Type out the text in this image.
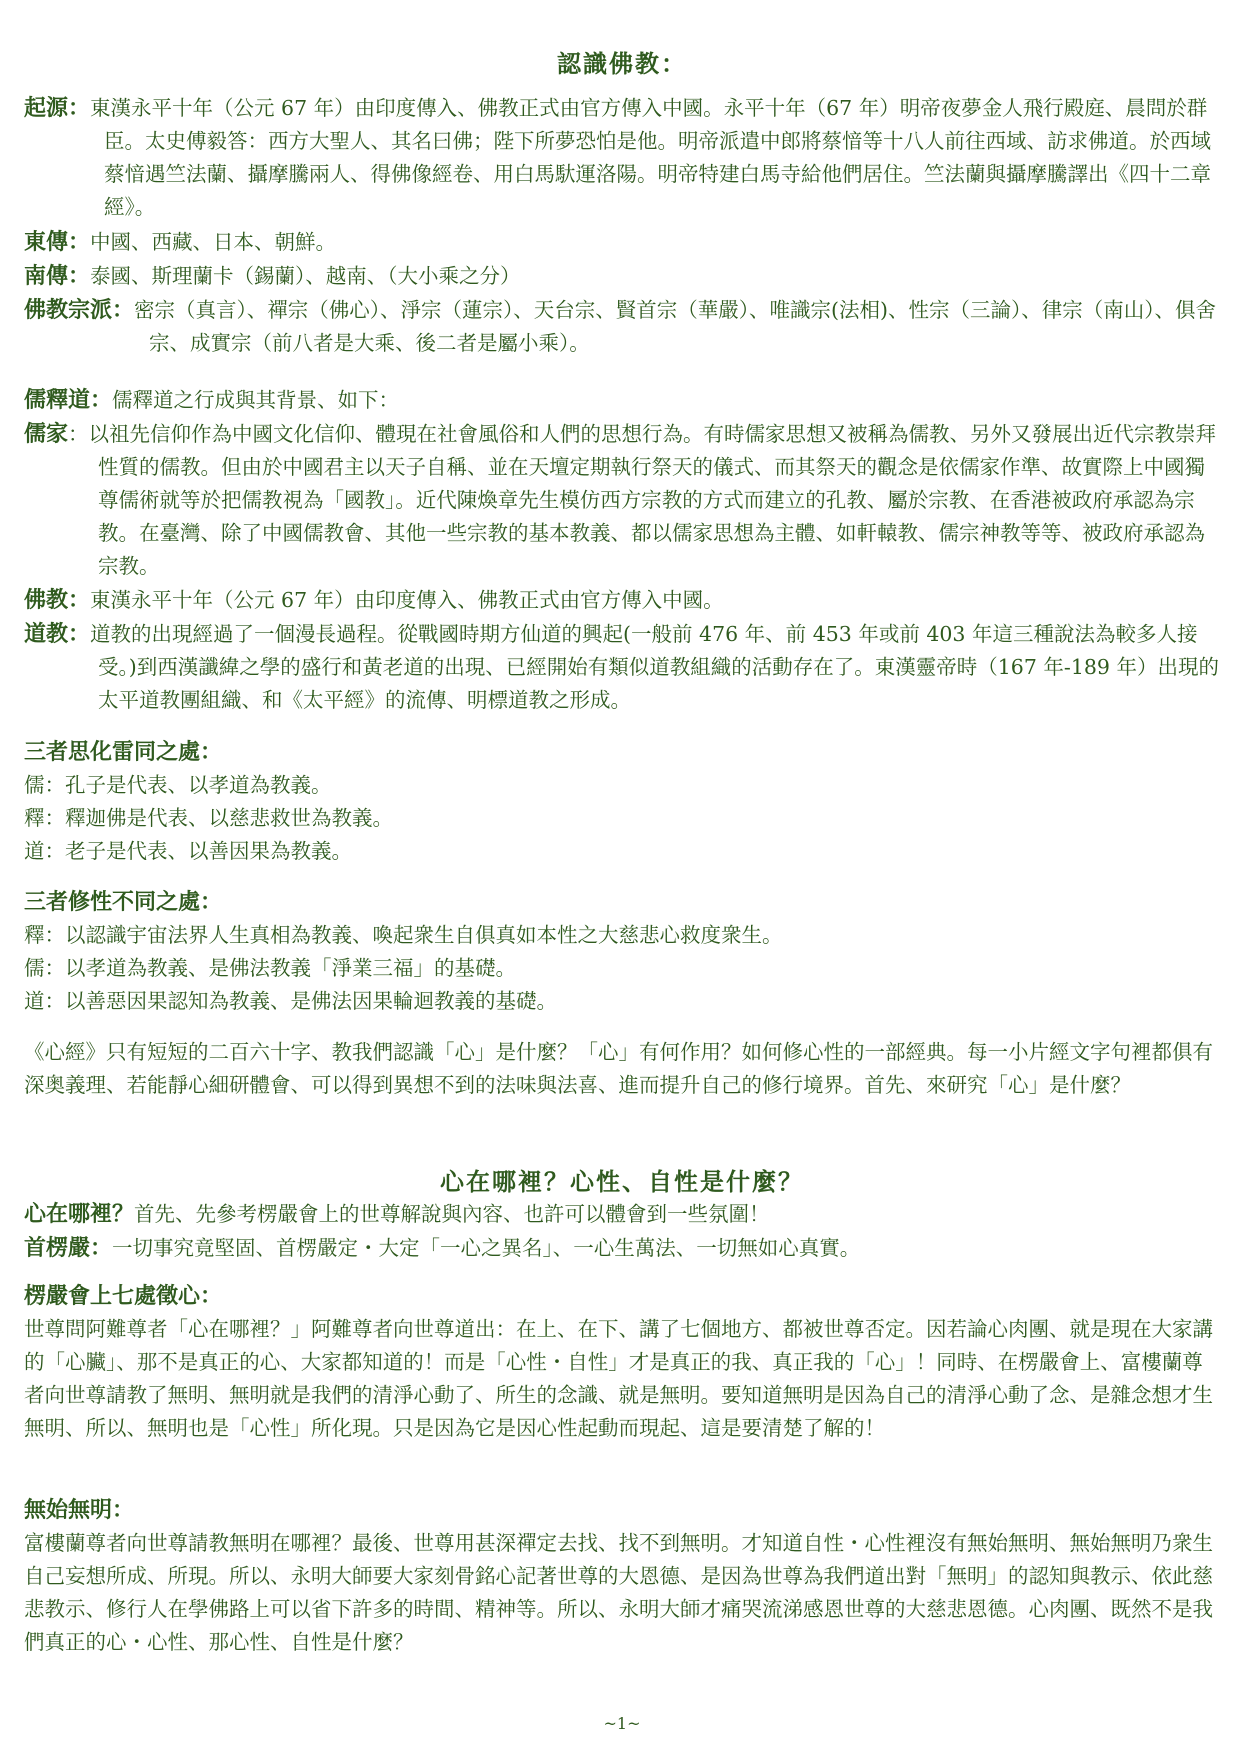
認識佛教：

起源：東漢永平十年（公元 67 年）由印度傳入、佛教正式由官方傳入中國。永平十年（67 年）明帝夜夢金人飛行殿庭、晨問於群臣。太史傅毅答：西方大聖人、其名曰佛；陛下所夢恐怕是他。明帝派遣中郎將蔡愔等十八人前往西域、訪求佛道。於西域蔡愔遇竺法蘭、攝摩騰兩人、得佛像經卷、用白馬馱運洛陽。明帝特建白馬寺給他們居住。竺法蘭與攝摩騰譯出《四十二章經》。

東傳：中國、西藏、日本、朝鮮。

南傳：泰國、斯理蘭卡（錫蘭）、越南、（大小乘之分）

佛教宗派：密宗（真言）、禪宗（佛心）、淨宗（蓮宗）、天台宗、賢首宗（華嚴）、唯識宗(法相)、性宗（三論）、律宗（南山）、俱舍宗、成實宗（前八者是大乘、後二者是屬小乘）。

儒釋道：儒釋道之行成與其背景、如下：

儒家：以祖先信仰作為中國文化信仰、體現在社會風俗和人們的思想行為。有時儒家思想又被稱為儒教、另外又發展出近代宗教崇拜性質的儒教。但由於中國君主以天子自稱、並在天壇定期執行祭天的儀式、而其祭天的觀念是依儒家作準、故實際上中國獨尊儒術就等於把儒教視為「國教」。近代陳煥章先生模仿西方宗教的方式而建立的孔教、屬於宗教、在香港被政府承認為宗教。在臺灣、除了中國儒教會、其他一些宗教的基本教義、都以儒家思想為主體、如軒轅教、儒宗神教等等、被政府承認為宗教。

佛教：東漢永平十年（公元 67 年）由印度傳入、佛教正式由官方傳入中國。

道教：道教的出現經過了一個漫長過程。從戰國時期方仙道的興起(一般前 476 年、前 453 年或前 403 年這三種說法為較多人接受。)到西漢讖緯之學的盛行和黃老道的出現、已經開始有類似道教組織的活動存在了。東漢靈帝時（167 年-189 年）出現的太平道教團組織、和《太平經》的流傳、明標道教之形成。

三者思化雷同之處：

儒：孔子是代表、以孝道為教義。

釋：釋迦佛是代表、以慈悲救世為教義。

道：老子是代表、以善因果為教義。

三者修性不同之處：

釋：以認識宇宙法界人生真相為教義、喚起衆生自俱真如本性之大慈悲心救度衆生。

儒：以孝道為教義、是佛法教義「淨業三福」的基礎。

道：以善惡因果認知為教義、是佛法因果輪迴教義的基礎。

《心經》只有短短的二百六十字、教我們認識「心」是什麼？「心」有何作用？如何修心性的一部經典。每一小片經文字句裡都俱有深奥義理、若能靜心細研體會、可以得到異想不到的法味與法喜、進而提升自己的修行境界。首先、來研究「心」是什麼？

心在哪裡？心性、自性是什麼？

心在哪裡？首先、先參考楞嚴會上的世尊解說與內容、也許可以體會到一些氛圍！

首楞嚴：一切事究竟堅固、首楞嚴定・大定「一心之異名」、一心生萬法、一切無如心真實。

楞嚴會上七處徵心：

世尊問阿難尊者「心在哪裡？」阿難尊者向世尊道出：在上、在下、講了七個地方、都被世尊否定。因若論心肉團、就是現在大家講的「心臟」、那不是真正的心、大家都知道的！而是「心性・自性」才是真正的我、真正我的「心」！同時、在楞嚴會上、富樓蘭尊者向世尊請教了無明、無明就是我們的清淨心動了、所生的念識、就是無明。要知道無明是因為自己的清淨心動了念、是雜念想才生無明、所以、無明也是「心性」所化現。只是因為它是因心性起動而現起、這是要清楚了解的！

無始無明：

富樓蘭尊者向世尊請教無明在哪裡？最後、世尊用甚深禪定去找、找不到無明。才知道自性・心性裡沒有無始無明、無始無明乃衆生自己妄想所成、所現。所以、永明大師要大家刻骨銘心記著世尊的大恩德、是因為世尊為我們道出對「無明」的認知與教示、依此慈悲教示、修行人在學佛路上可以省下許多的時間、精神等。所以、永明大師才痛哭流涕感恩世尊的大慈悲恩德。心肉團、既然不是我們真正的心・心性、那心性、自性是什麼？

~1~
